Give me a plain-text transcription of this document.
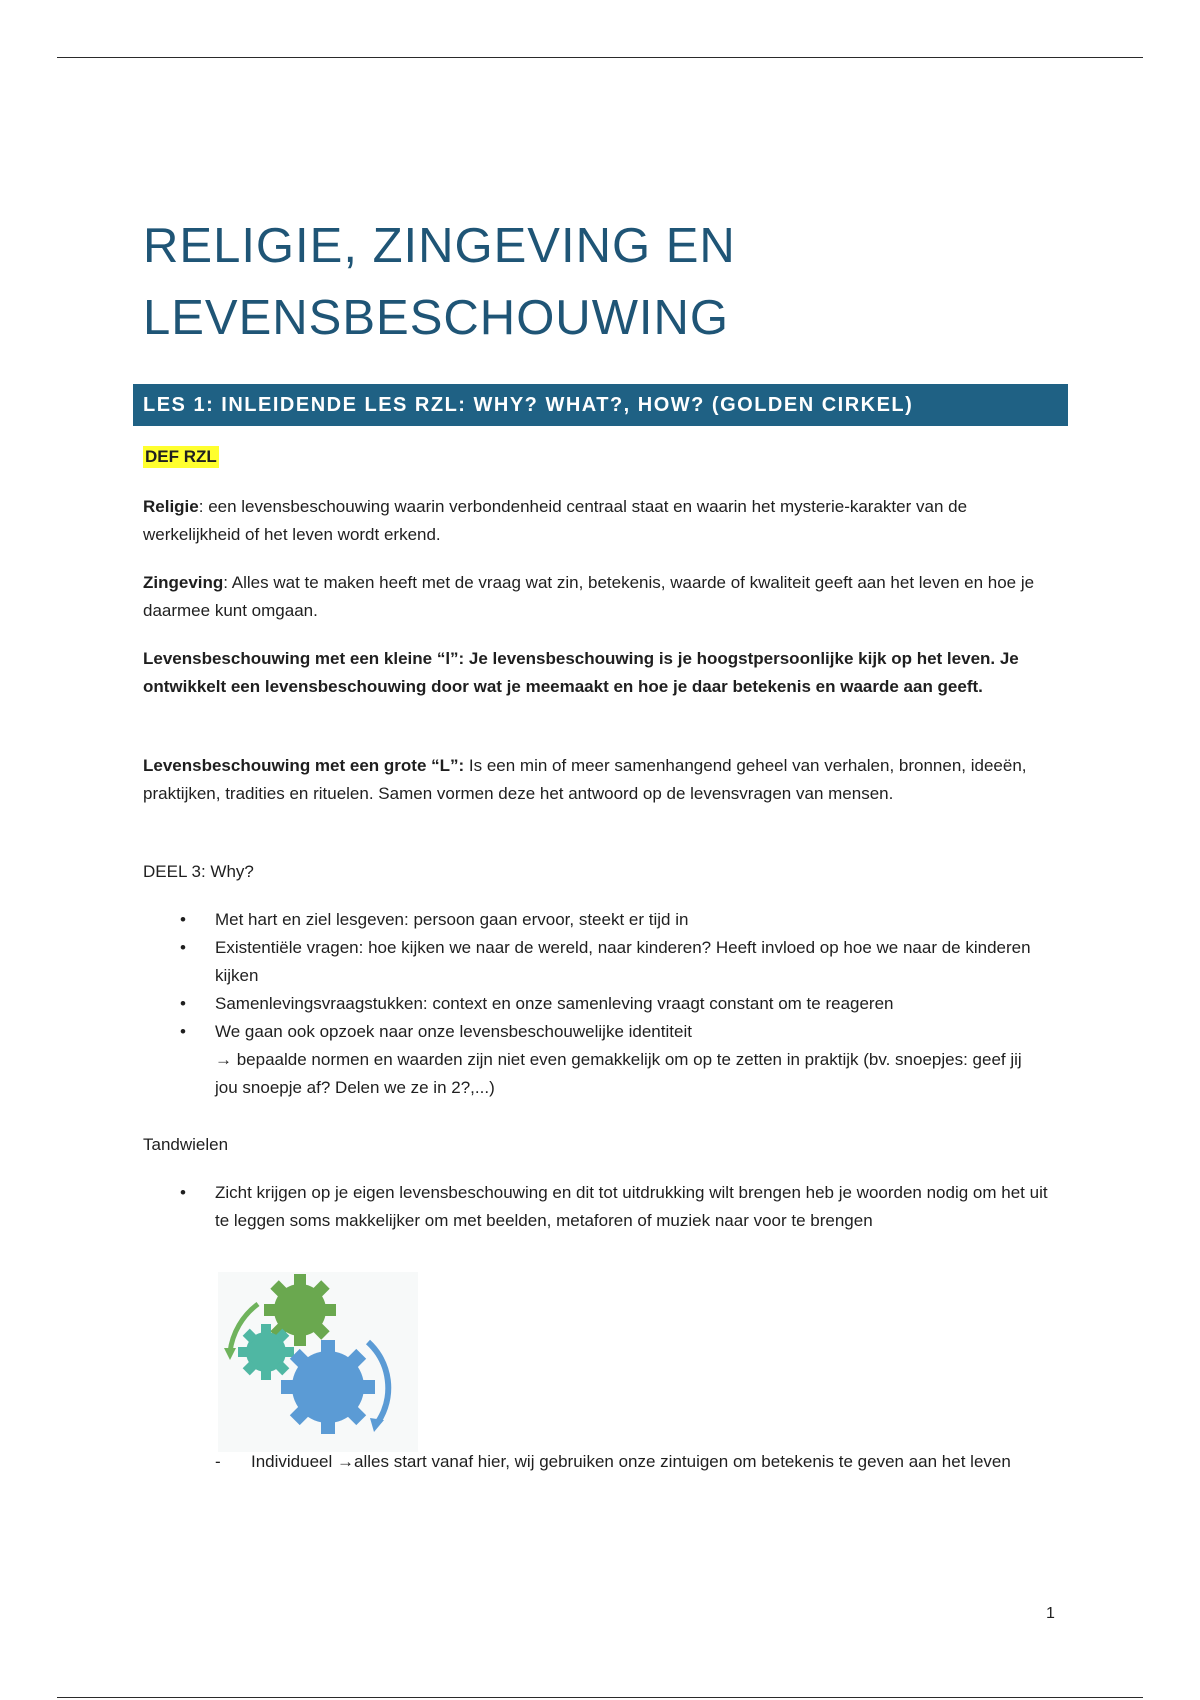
RELIGIE, ZINGEVING EN
LEVENSBESCHOUWING
LES 1: INLEIDENDE LES RZL: WHY? WHAT?, HOW? (GOLDEN CIRKEL)
DEF RZL

Religie: een levensbeschouwing waarin verbondenheid centraal staat en waarin het mysterie-karakter van de werkelijkheid of het leven wordt erkend.

Zingeving: Alles wat te maken heeft met de vraag wat zin, betekenis, waarde of kwaliteit geeft aan het leven en hoe je daarmee kunt omgaan.

Levensbeschouwing met een kleine “l”: Je levensbeschouwing is je hoogstpersoonlijke kijk op het leven. Je ontwikkelt een levensbeschouwing door wat je meemaakt en hoe je daar betekenis en waarde aan geeft.

Levensbeschouwing met een grote “L”: Is een min of meer samenhangend geheel van verhalen, bronnen, ideeën, praktijken, tradities en rituelen. Samen vormen deze het antwoord op de levensvragen van mensen.

DEEL 3: Why?

• Met hart en ziel lesgeven: persoon gaan ervoor, steekt er tijd in
• Existentiële vragen: hoe kijken we naar de wereld, naar kinderen? Heeft invloed op hoe we naar de kinderen kijken
• Samenlevingsvraagstukken: context en onze samenleving vraagt constant om te reageren
• We gaan ook opzoek naar onze levensbeschouwelijke identiteit
→ bepaalde normen en waarden zijn niet even gemakkelijk om op te zetten in praktijk (bv. snoepjes: geef jij jou snoepje af? Delen we ze in 2?,...)

Tandwielen

• Zicht krijgen op je eigen levensbeschouwing en dit tot uitdrukking wilt brengen heb je woorden nodig om het uit te leggen soms makkelijker om met beelden, metaforen of muziek naar voor te brengen
- Individueel →alles start vanaf hier, wij gebruiken onze zintuigen om betekenis te geven aan het leven
1
